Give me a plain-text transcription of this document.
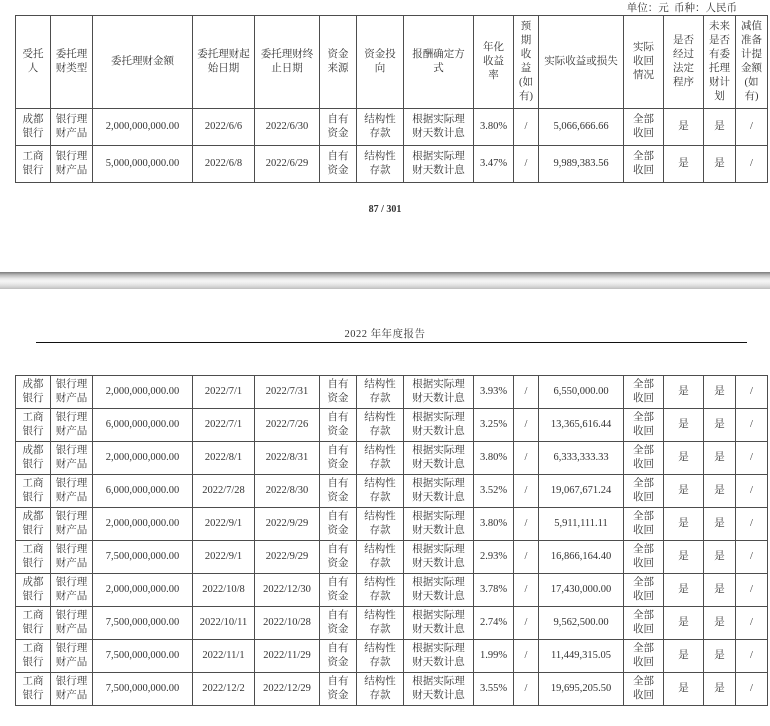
单位：元  币种：人民币
受托人	委托理财类型	委托理财金额	委托理财起始日期	委托理财终止日期	资金来源	资金投向	报酬确定方式	年化收益率	预期收益(如有)	实际收益或损失	实际收回情况	是否经过法定程序	未来是否有委托理财计划	减值准备计提金额(如有)
成都银行	银行理财产品	2,000,000,000.00	2022/6/6	2022/6/30	自有资金	结构性存款	根据实际理财天数计息	3.80%	/	5,066,666.66	全部收回	是	是	/
工商银行	银行理财产品	5,000,000,000.00	2022/6/8	2022/6/29	自有资金	结构性存款	根据实际理财天数计息	3.47%	/	9,989,383.56	全部收回	是	是	/
87 / 301
2022 年年度报告
成都银行	银行理财产品	2,000,000,000.00	2022/7/1	2022/7/31	自有资金	结构性存款	根据实际理财天数计息	3.93%	/	6,550,000.00	全部收回	是	是	/
工商银行	银行理财产品	6,000,000,000.00	2022/7/1	2022/7/26	自有资金	结构性存款	根据实际理财天数计息	3.25%	/	13,365,616.44	全部收回	是	是	/
成都银行	银行理财产品	2,000,000,000.00	2022/8/1	2022/8/31	自有资金	结构性存款	根据实际理财天数计息	3.80%	/	6,333,333.33	全部收回	是	是	/
工商银行	银行理财产品	6,000,000,000.00	2022/7/28	2022/8/30	自有资金	结构性存款	根据实际理财天数计息	3.52%	/	19,067,671.24	全部收回	是	是	/
成都银行	银行理财产品	2,000,000,000.00	2022/9/1	2022/9/29	自有资金	结构性存款	根据实际理财天数计息	3.80%	/	5,911,111.11	全部收回	是	是	/
工商银行	银行理财产品	7,500,000,000.00	2022/9/1	2022/9/29	自有资金	结构性存款	根据实际理财天数计息	2.93%	/	16,866,164.40	全部收回	是	是	/
成都银行	银行理财产品	2,000,000,000.00	2022/10/8	2022/12/30	自有资金	结构性存款	根据实际理财天数计息	3.78%	/	17,430,000.00	全部收回	是	是	/
工商银行	银行理财产品	7,500,000,000.00	2022/10/11	2022/10/28	自有资金	结构性存款	根据实际理财天数计息	2.74%	/	9,562,500.00	全部收回	是	是	/
工商银行	银行理财产品	7,500,000,000.00	2022/11/1	2022/11/29	自有资金	结构性存款	根据实际理财天数计息	1.99%	/	11,449,315.05	全部收回	是	是	/
工商银行	银行理财产品	7,500,000,000.00	2022/12/2	2022/12/29	自有资金	结构性存款	根据实际理财天数计息	3.55%	/	19,695,205.50	全部收回	是	是	/
